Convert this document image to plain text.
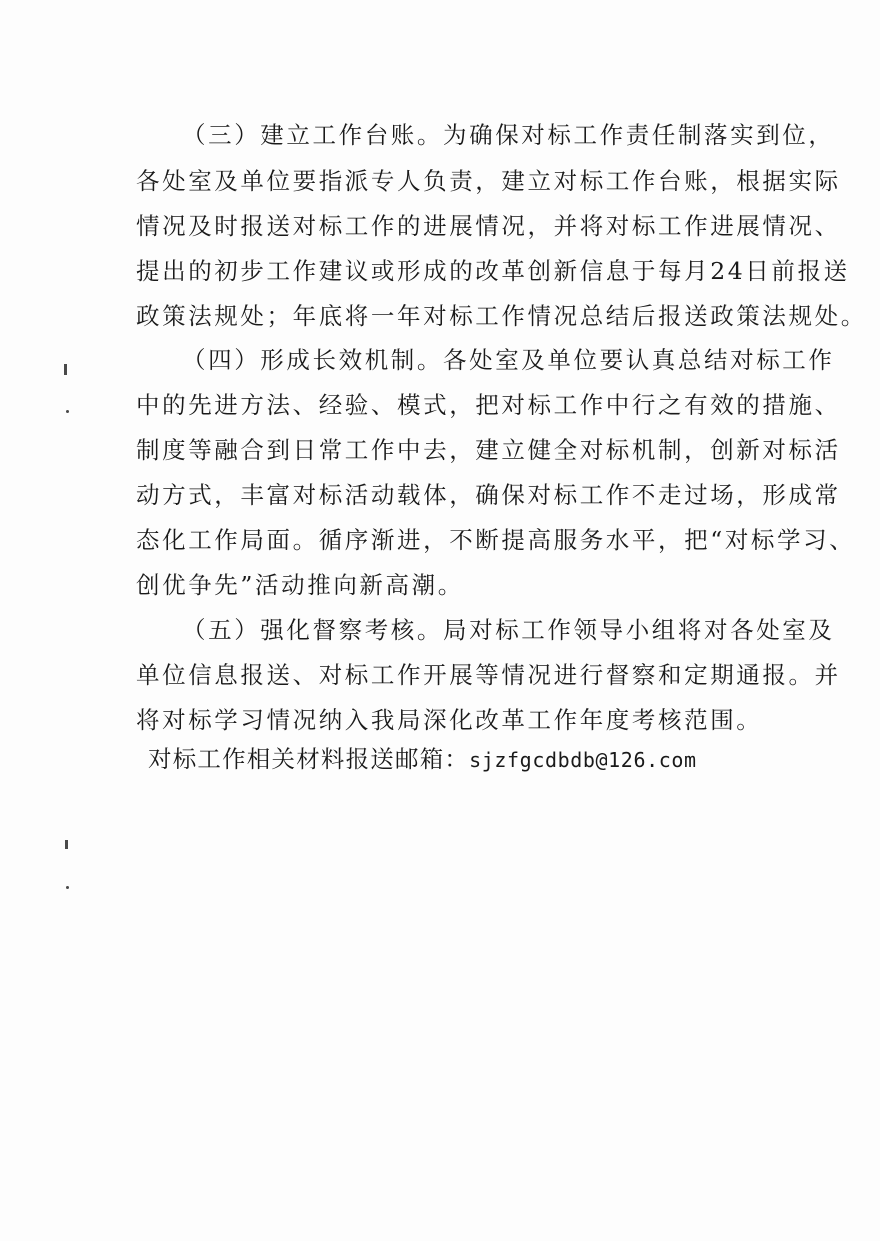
（三）建立工作台账。为确保对标工作责任制落实到位，
各处室及单位要指派专人负责，建立对标工作台账，根据实际
情况及时报送对标工作的进展情况，并将对标工作进展情况、
提出的初步工作建议或形成的改革创新信息于每月24日前报送
政策法规处；年底将一年对标工作情况总结后报送政策法规处。
（四）形成长效机制。各处室及单位要认真总结对标工作
中的先进方法、经验、模式，把对标工作中行之有效的措施、
制度等融合到日常工作中去，建立健全对标机制，创新对标活
动方式，丰富对标活动载体，确保对标工作不走过场，形成常
态化工作局面。循序渐进，不断提高服务水平，把“对标学习、
创优争先”活动推向新高潮。
（五）强化督察考核。局对标工作领导小组将对各处室及
单位信息报送、对标工作开展等情况进行督察和定期通报。并
将对标学习情况纳入我局深化改革工作年度考核范围。
对标工作相关材料报送邮箱：sjzfgcdbdb@126.com
